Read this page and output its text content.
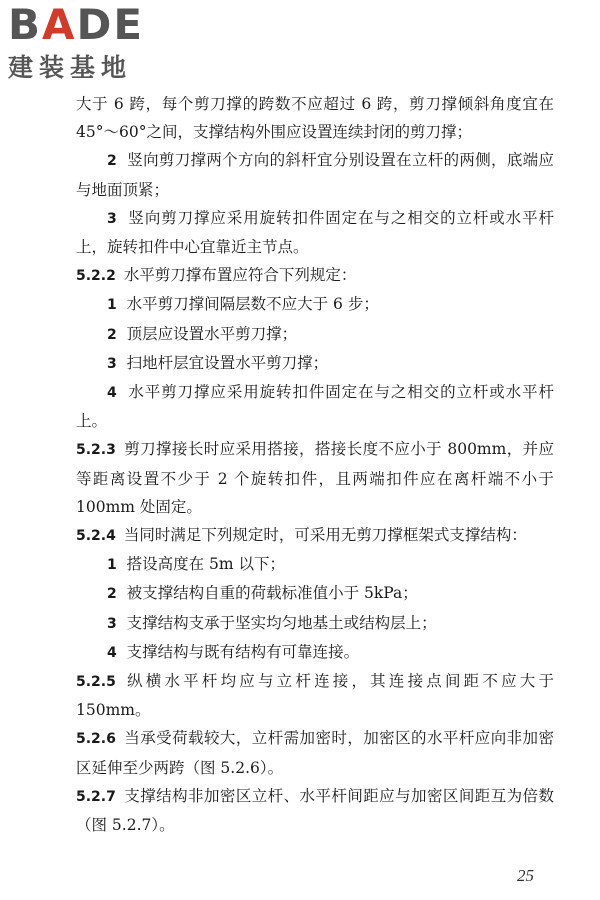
BADE
建装基地

大于 6 跨，每个剪刀撑的跨数不应超过 6 跨，剪刀撑倾斜角度宜在 45°～60°之间，支撑结构外围应设置连续封闭的剪刀撑；

2 竖向剪刀撑两个方向的斜杆宜分别设置在立杆的两侧，底端应与地面顶紧；

3 竖向剪刀撑应采用旋转扣件固定在与之相交的立杆或水平杆上，旋转扣件中心宜靠近主节点。

5.2.2 水平剪刀撑布置应符合下列规定：

1 水平剪刀撑间隔层数不应大于 6 步；

2 顶层应设置水平剪刀撑；

3 扫地杆层宜设置水平剪刀撑；

4 水平剪刀撑应采用旋转扣件固定在与之相交的立杆或水平杆上。

5.2.3 剪刀撑接长时应采用搭接，搭接长度不应小于 800mm，并应等距离设置不少于 2 个旋转扣件，且两端扣件应在离杆端不小于 100mm 处固定。

5.2.4 当同时满足下列规定时，可采用无剪刀撑框架式支撑结构：

1 搭设高度在 5m 以下；

2 被支撑结构自重的荷载标准值小于 5kPa；

3 支撑结构支承于坚实均匀地基土或结构层上；

4 支撑结构与既有结构有可靠连接。

5.2.5 纵横水平杆均应与立杆连接，其连接点间距不应大于 150mm。

5.2.6 当承受荷载较大，立杆需加密时，加密区的水平杆应向非加密区延伸至少两跨（图 5.2.6）。

5.2.7 支撑结构非加密区立杆、水平杆间距应与加密区间距互为倍数（图 5.2.7）。

25
